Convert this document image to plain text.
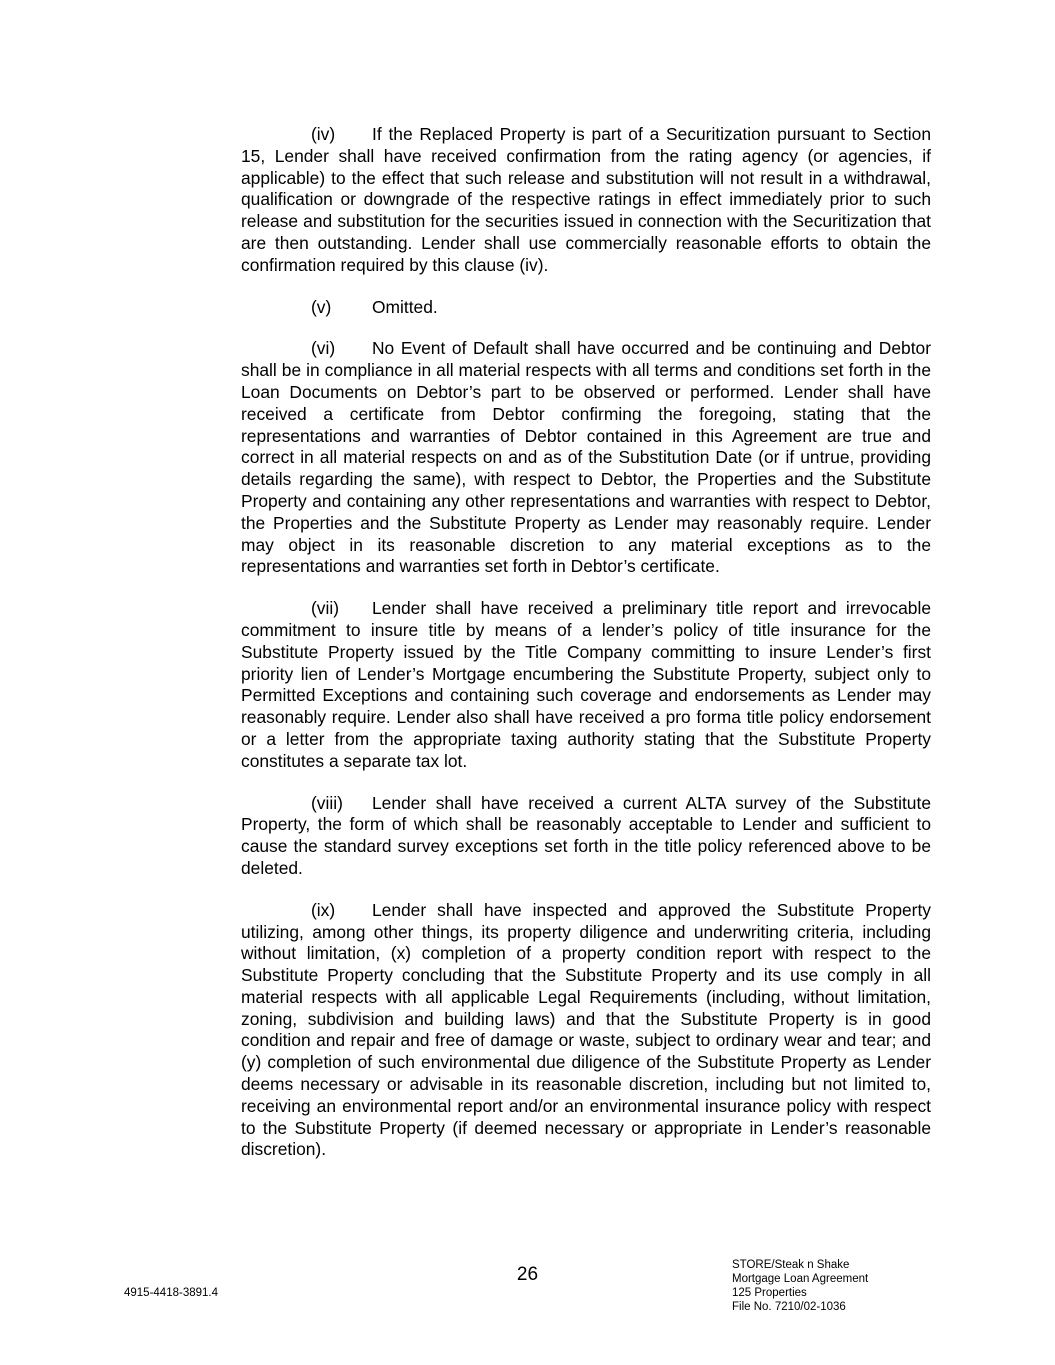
(iv) If the Replaced Property is part of a Securitization pursuant to Section 15, Lender shall have received confirmation from the rating agency (or agencies, if applicable) to the effect that such release and substitution will not result in a withdrawal, qualification or downgrade of the respective ratings in effect immediately prior to such release and substitution for the securities issued in connection with the Securitization that are then outstanding. Lender shall use commercially reasonable efforts to obtain the confirmation required by this clause (iv).

(v) Omitted.

(vi) No Event of Default shall have occurred and be continuing and Debtor shall be in compliance in all material respects with all terms and conditions set forth in the Loan Documents on Debtor’s part to be observed or performed. Lender shall have received a certificate from Debtor confirming the foregoing, stating that the representations and warranties of Debtor contained in this Agreement are true and correct in all material respects on and as of the Substitution Date (or if untrue, providing details regarding the same), with respect to Debtor, the Properties and the Substitute Property and containing any other representations and warranties with respect to Debtor, the Properties and the Substitute Property as Lender may reasonably require. Lender may object in its reasonable discretion to any material exceptions as to the representations and warranties set forth in Debtor’s certificate.

(vii) Lender shall have received a preliminary title report and irrevocable commitment to insure title by means of a lender’s policy of title insurance for the Substitute Property issued by the Title Company committing to insure Lender’s first priority lien of Lender’s Mortgage encumbering the Substitute Property, subject only to Permitted Exceptions and containing such coverage and endorsements as Lender may reasonably require. Lender also shall have received a pro forma title policy endorsement or a letter from the appropriate taxing authority stating that the Substitute Property constitutes a separate tax lot.

(viii) Lender shall have received a current ALTA survey of the Substitute Property, the form of which shall be reasonably acceptable to Lender and sufficient to cause the standard survey exceptions set forth in the title policy referenced above to be deleted.

(ix) Lender shall have inspected and approved the Substitute Property utilizing, among other things, its property diligence and underwriting criteria, including without limitation, (x) completion of a property condition report with respect to the Substitute Property concluding that the Substitute Property and its use comply in all material respects with all applicable Legal Requirements (including, without limitation, zoning, subdivision and building laws) and that the Substitute Property is in good condition and repair and free of damage or waste, subject to ordinary wear and tear; and (y) completion of such environmental due diligence of the Substitute Property as Lender deems necessary or advisable in its reasonable discretion, including but not limited to, receiving an environmental report and/or an environmental insurance policy with respect to the Substitute Property (if deemed necessary or appropriate in Lender’s reasonable discretion).

26
4915-4418-3891.4
STORE/Steak n Shake
Mortgage Loan Agreement
125 Properties
File No. 7210/02-1036
